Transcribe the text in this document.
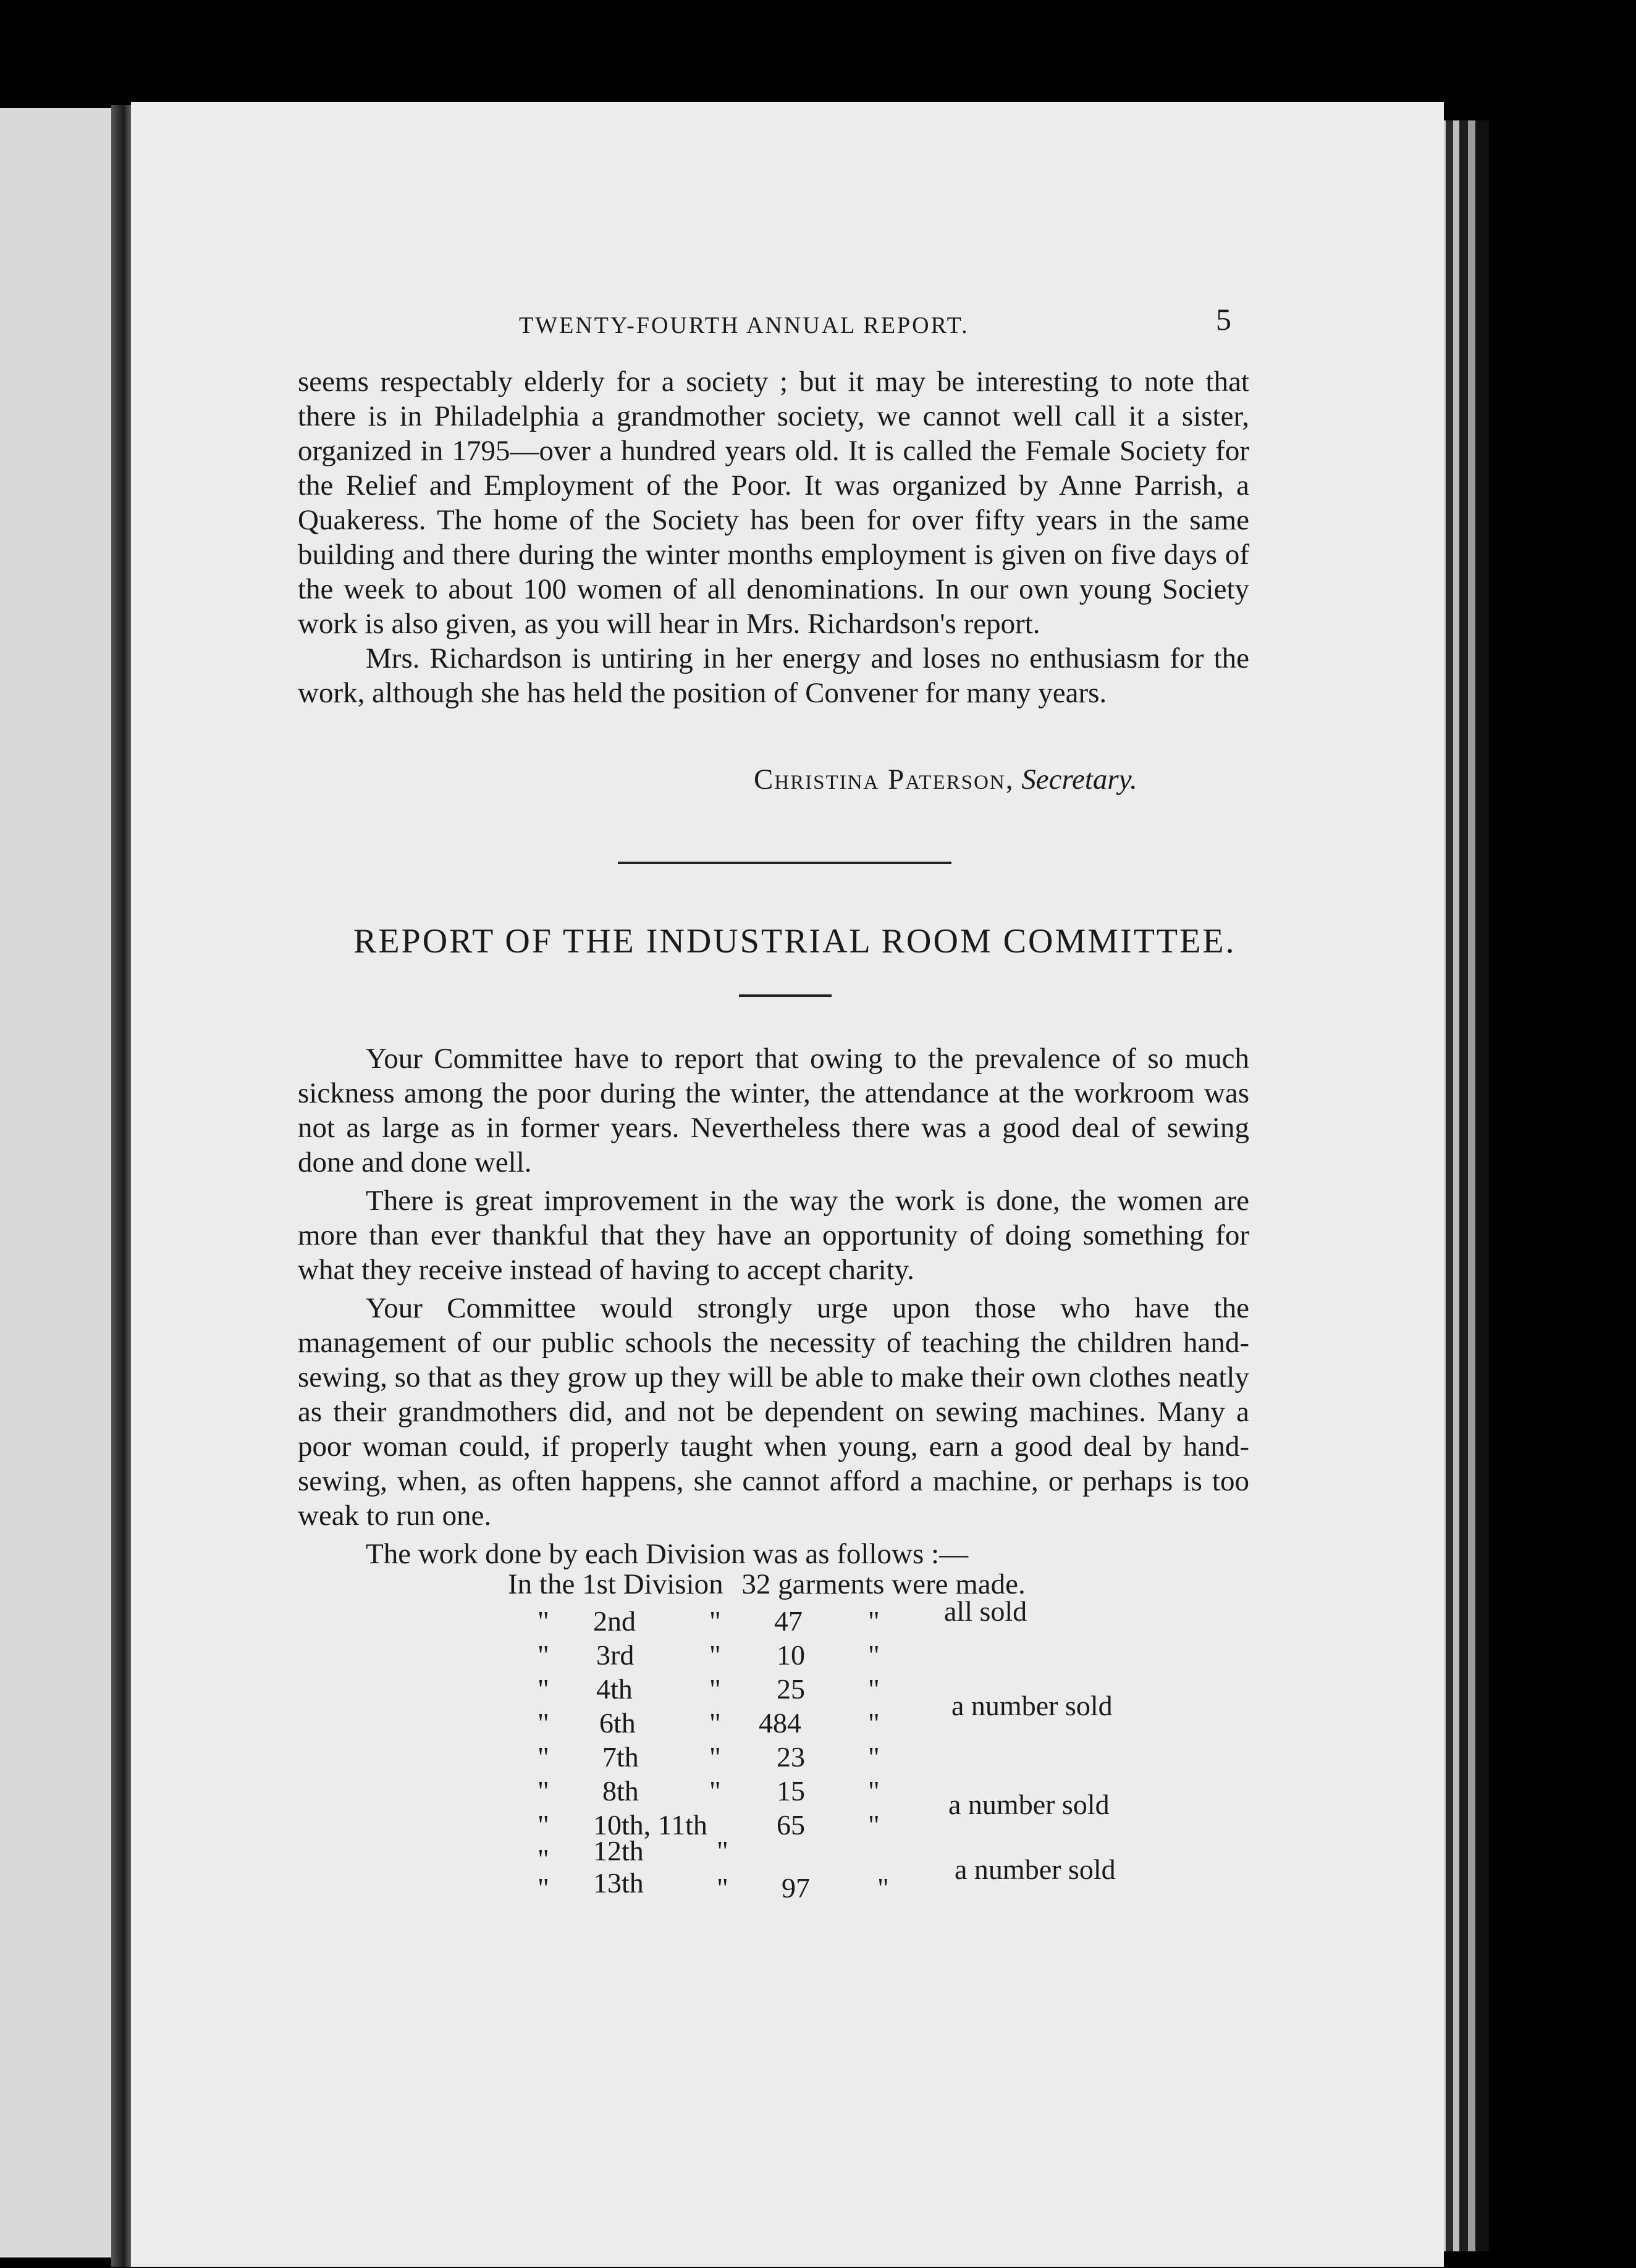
TWENTY-FOURTH ANNUAL REPORT.	5

seems respectably elderly for a society ; but it may be interesting to note that there is in Philadelphia a grandmother society, we cannot well call it a sister, organized in 1795—over a hundred years old. It is called the Female Society for the Relief and Employment of the Poor. It was organized by Anne Parrish, a Quakeress. The home of the Society has been for over fifty years in the same building and there during the winter months employment is given on five days of the week to about 100 women of all denominations. In our own young Society work is also given, as you will hear in Mrs. Richardson's report.

Mrs. Richardson is untiring in her energy and loses no enthusiasm for the work, although she has held the position of Convener for many years.

Christina Paterson, Secretary.
REPORT OF THE INDUSTRIAL ROOM COMMITTEE.

Your Committee have to report that owing to the prevalence of so much sickness among the poor during the winter, the attendance at the workroom was not as large as in former years. Nevertheless there was a good deal of sewing done and done well.

There is great improvement in the way the work is done, the women are more than ever thankful that they have an opportunity of doing something for what they receive instead of having to accept charity.

Your Committee would strongly urge upon those who have the management of our public schools the necessity of teaching the children hand-sewing, so that as they grow up they will be able to make their own clothes neatly as their grandmothers did, and not be dependent on sewing machines. Many a poor woman could, if properly taught when young, earn a good deal by hand-sewing, when, as often happens, she cannot afford a machine, or perhaps is too weak to run one.

The work done by each Division was as follows :—

In the 1st Division 32 garments were made.
" 2nd	" 47 " all sold
" 3rd	" 10 "
" 4th	" 25 "
" 6th	" 484 "
a number sold
" 7th " 23 "
" 8th " 15 "
" 10th, 11th 65 "
a number sold
" 12th	"
" 13th	" 97 "
a number sold
